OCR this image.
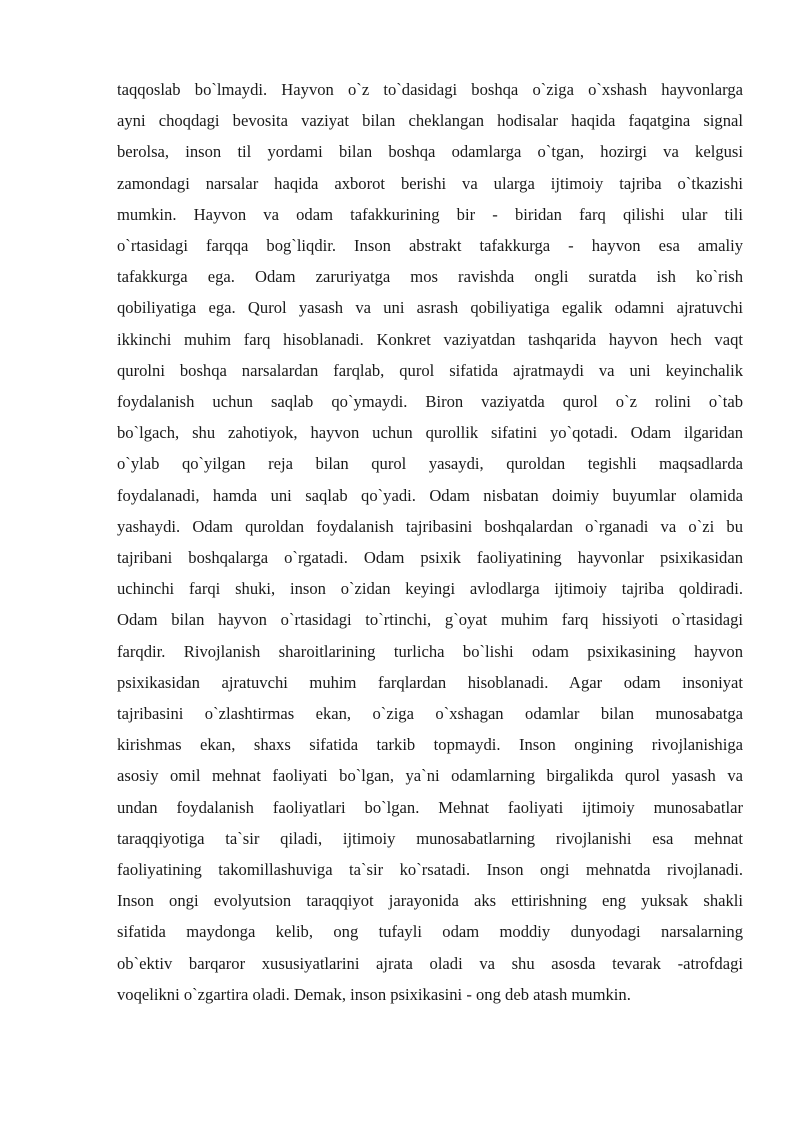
taqqoslab bo`lmaydi. Hayvon o`z to`dasidagi boshqa o`ziga o`xshash hayvonlarga
ayni choqdagi bevosita vaziyat bilan cheklangan hodisalar haqida faqatgina signal
berolsa, inson til yordami bilan boshqa odamlarga o`tgan, hozirgi va kelgusi
zamondagi narsalar haqida axborot berishi va ularga ijtimoiy tajriba o`tkazishi
mumkin. Hayvon va odam tafakkurining bir - biridan farq qilishi ular tili
o`rtasidagi farqqa bog`liqdir. Inson abstrakt tafakkurga - hayvon esa amaliy
tafakkurga ega. Odam zaruriyatga mos ravishda ongli suratda ish ko`rish
qobiliyatiga ega. Qurol yasash va uni asrash qobiliyatiga egalik odamni ajratuvchi
ikkinchi muhim farq hisoblanadi. Konkret vaziyatdan tashqarida hayvon hech vaqt
qurolni boshqa narsalardan farqlab, qurol sifatida ajratmaydi va uni keyinchalik
foydalanish uchun saqlab qo`ymaydi. Biron vaziyatda qurol o`z rolini o`tab
bo`lgach, shu zahotiyok, hayvon uchun qurollik sifatini yo`qotadi. Odam ilgaridan
o`ylab qo`yilgan reja bilan qurol yasaydi, quroldan tegishli maqsadlarda
foydalanadi, hamda uni saqlab qo`yadi. Odam nisbatan doimiy buyumlar olamida
yashaydi. Odam quroldan foydalanish tajribasini boshqalardan o`rganadi va o`zi bu
tajribani boshqalarga o`rgatadi. Odam psixik faoliyatining hayvonlar psixikasidan
uchinchi farqi shuki, inson o`zidan keyingi avlodlarga ijtimoiy tajriba qoldiradi.
Odam bilan hayvon o`rtasidagi to`rtinchi, g`oyat muhim farq hissiyoti o`rtasidagi
farqdir. Rivojlanish sharoitlarining turlicha bo`lishi odam psixikasining hayvon
psixikasidan ajratuvchi muhim farqlardan hisoblanadi. Agar odam insoniyat
tajribasini o`zlashtirmas ekan, o`ziga o`xshagan odamlar bilan munosabatga
kirishmas ekan, shaxs sifatida tarkib topmaydi. Inson ongining rivojlanishiga
asosiy omil mehnat faoliyati bo`lgan, ya`ni odamlarning birgalikda qurol yasash va
undan foydalanish faoliyatlari bo`lgan. Mehnat faoliyati ijtimoiy munosabatlar
taraqqiyotiga ta`sir qiladi, ijtimoiy munosabatlarning rivojlanishi esa mehnat
faoliyatining takomillashuviga ta`sir ko`rsatadi. Inson ongi mehnatda rivojlanadi.
Inson ongi evolyutsion taraqqiyot jarayonida aks ettirishning eng yuksak shakli
sifatida maydonga kelib, ong tufayli odam moddiy dunyodagi narsalarning
ob`ektiv barqaror xususiyatlarini ajrata oladi va shu asosda tevarak -atrofdagi
voqelikni o`zgartira oladi. Demak, inson psixikasini - ong deb atash mumkin.
